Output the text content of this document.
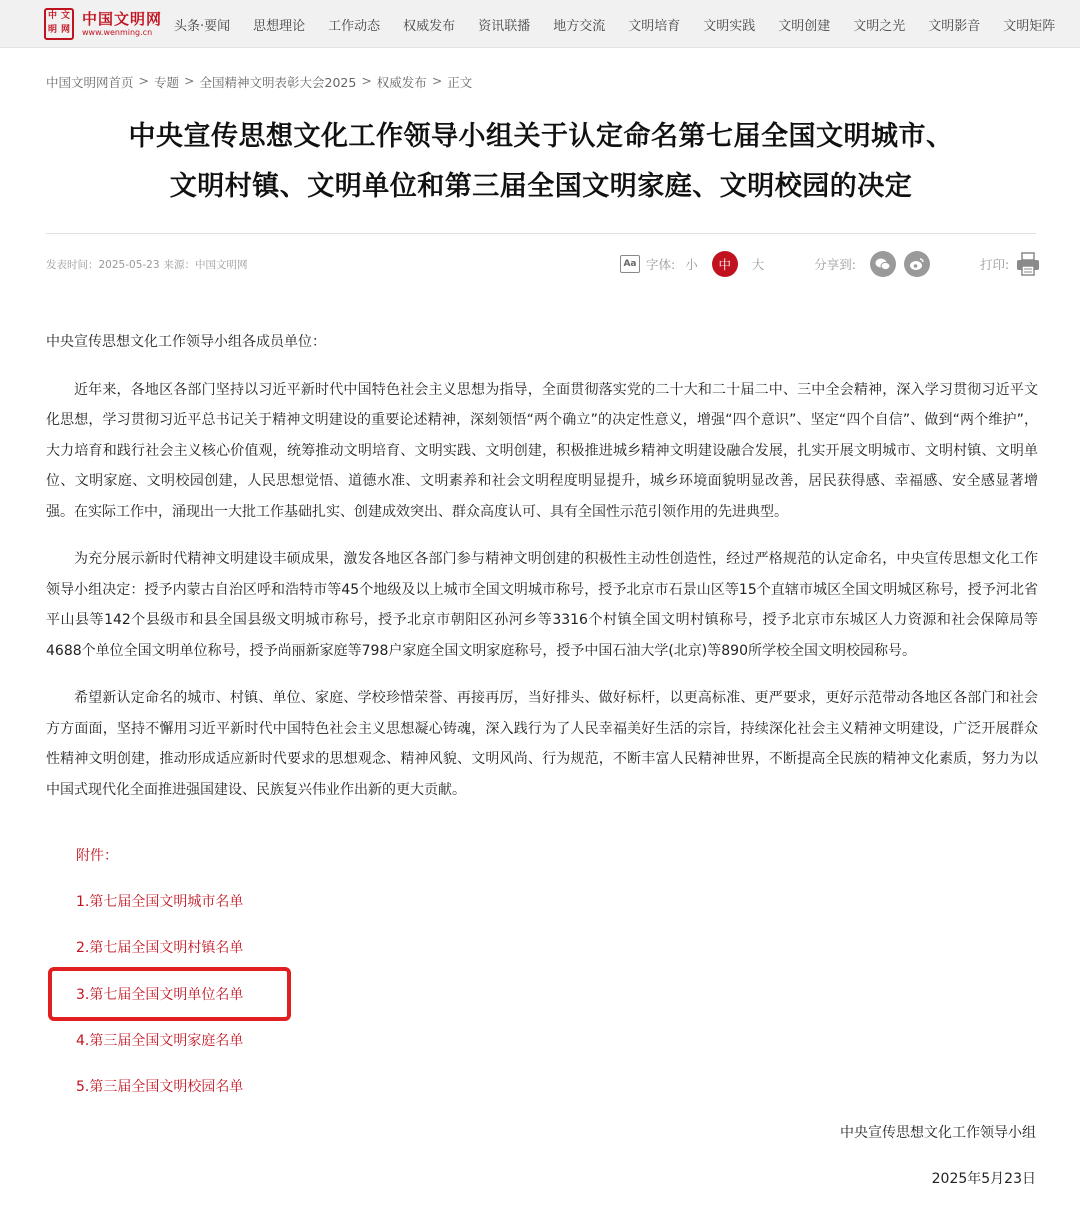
中 文
明 网
中国文明网
www.wenming.cn 头条·要闻 思想理论 工作动态 权威发布 资讯联播 地方交流 文明培育 文明实践 文明创建 文明之光 文明影音 文明矩阵
中国文明网首页 > 专题 > 全国精神文明表彰大会2025 > 权威发布 > 正文
中央宣传思想文化工作领导小组关于认定命名第七届全国文明城市、
文明村镇、文明单位和第三届全国文明家庭、文明校园的决定
发表时间：2025-05-23 来源：中国文明网	Aa 字体: 小	中	大	分享到:	打印:

中央宣传思想文化工作领导小组各成员单位：

近年来，各地区各部门坚持以习近平新时代中国特色社会主义思想为指导，全面贯彻落实党的二十大和二十届二中、三中全会精神，深入学习贯彻习近平文化思想，学习贯彻习近平总书记关于精神文明建设的重要论述精神，深刻领悟“两个确立”的决定性意义，增强“四个意识”、坚定“四个自信”、做到“两个维护”，大力培育和践行社会主义核心价值观，统筹推动文明培育、文明实践、文明创建，积极推进城乡精神文明建设融合发展，扎实开展文明城市、文明村镇、文明单位、文明家庭、文明校园创建，人民思想觉悟、道德水准、文明素养和社会文明程度明显提升，城乡环境面貌明显改善，居民获得感、幸福感、安全感显著增强。在实际工作中，涌现出一大批工作基础扎实、创建成效突出、群众高度认可、具有全国性示范引领作用的先进典型。

为充分展示新时代精神文明建设丰硕成果，激发各地区各部门参与精神文明创建的积极性主动性创造性，经过严格规范的认定命名，中央宣传思想文化工作领导小组决定：授予内蒙古自治区呼和浩特市等45个地级及以上城市全国文明城市称号，授予北京市石景山区等15个直辖市城区全国文明城区称号，授予河北省平山县等142个县级市和县全国县级文明城市称号，授予北京市朝阳区孙河乡等3316个村镇全国文明村镇称号，授予北京市东城区人力资源和社会保障局等4688个单位全国文明单位称号，授予尚丽新家庭等798户家庭全国文明家庭称号，授予中国石油大学(北京)等890所学校全国文明校园称号。

希望新认定命名的城市、村镇、单位、家庭、学校珍惜荣誉、再接再厉，当好排头、做好标杆，以更高标准、更严要求，更好示范带动各地区各部门和社会方方面面，坚持不懈用习近平新时代中国特色社会主义思想凝心铸魂，深入践行为了人民幸福美好生活的宗旨，持续深化社会主义精神文明建设，广泛开展群众性精神文明创建，推动形成适应新时代要求的思想观念、精神风貌、文明风尚、行为规范，不断丰富人民精神世界，不断提高全民族的精神文化素质，努力为以中国式现代化全面推进强国建设、民族复兴伟业作出新的更大贡献。

附件：
1.第七届全国文明城市名单
2.第七届全国文明村镇名单
3.第七届全国文明单位名单
4.第三届全国文明家庭名单
5.第三届全国文明校园名单
中央宣传思想文化工作领导小组
2025年5月23日
